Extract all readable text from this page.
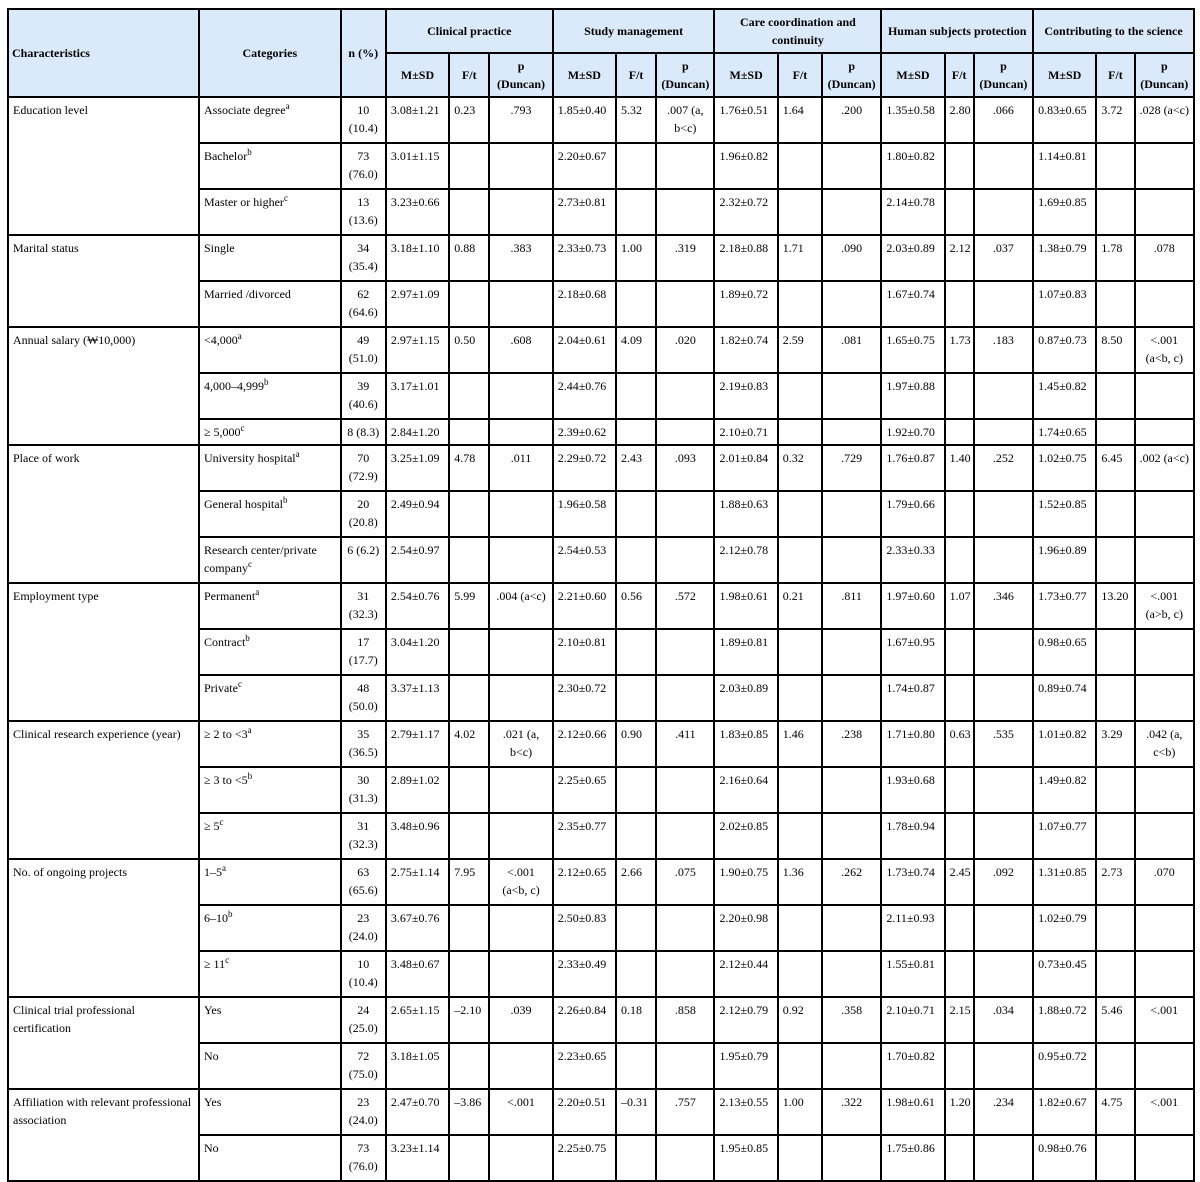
Characteristics	Categories	n (%)	Clinical practice			Study management			Care coordination and continuity			Human subjects protection			Contributing to the science		
			M±SD	F/t	p (Duncan)	M±SD	F/t	p (Duncan)	M±SD	F/t	p (Duncan)	M±SD	F/t	p (Duncan)	M±SD	F/t	p (Duncan)
Education level	Associate degree$^a$	10 (10.4)	3.08±1.21	0.23	.793	1.85±0.40	5.32	.007 (a, b<c)	1.76±0.51	1.64	.200	1.35±0.58	2.80	.066	0.83±0.65	3.72	.028 (a<c)
	Bachelor$^b$	73 (76.0)	3.01±1.15			2.20±0.67			1.96±0.82			1.80±0.82			1.14±0.81		
	Master or higher$^c$	13 (13.6)	3.23±0.66			2.73±0.81			2.32±0.72			2.14±0.78			1.69±0.85		
Marital status	Single	34 (35.4)	3.18±1.10	0.88	.383	2.33±0.73	1.00	.319	2.18±0.88	1.71	.090	2.03±0.89	2.12	.037	1.38±0.79	1.78	.078
	Married /divorced	62 (64.6)	2.97±1.09			2.18±0.68			1.89±0.72			1.67±0.74			1.07±0.83		
Annual salary (₩10,000)	<4,000$^a$	49 (51.0)	2.97±1.15	0.50	.608	2.04±0.61	4.09	.020	1.82±0.74	2.59	.081	1.65±0.75	1.73	.183	0.87±0.73	8.50	<.001 (a<b, c)
	4,000–4,999$^b$	39 (40.6)	3.17±1.01			2.44±0.76			2.19±0.83			1.97±0.88			1.45±0.82		
	≥ 5,000$^c$	8 (8.3)	2.84±1.20			2.39±0.62			2.10±0.71			1.92±0.70			1.74±0.65		
Place of work	University hospital$^a$	70 (72.9)	3.25±1.09	4.78	.011	2.29±0.72	2.43	.093	2.01±0.84	0.32	.729	1.76±0.87	1.40	.252	1.02±0.75	6.45	.002 (a<c)
	General hospital$^b$	20 (20.8)	2.49±0.94			1.96±0.58			1.88±0.63			1.79±0.66			1.52±0.85		
	Research center/private company$^c$	6 (6.2)	2.54±0.97			2.54±0.53			2.12±0.78			2.33±0.33			1.96±0.89		
Employment type	Permanent$^a$	31 (32.3)	2.54±0.76	5.99	.004 (a<c)	2.21±0.60	0.56	.572	1.98±0.61	0.21	.811	1.97±0.60	1.07	.346	1.73±0.77	13.20	<.001 (a>b, c)
	Contract$^b$	17 (17.7)	3.04±1.20			2.10±0.81			1.89±0.81			1.67±0.95			0.98±0.65		
	Private$^c$	48 (50.0)	3.37±1.13			2.30±0.72			2.03±0.89			1.74±0.87			0.89±0.74		
Clinical research experience (year)	≥ 2 to $<3^a$	35 (36.5)	2.79±1.17	4.02	.021 (a, b<c)	2.12±0.66	0.90	.411	1.83±0.85	1.46	.238	1.71±0.80	0.63	.535	1.01±0.82	3.29	.042 (a, c<b)
	≥ 3 to $<5^b$	30 (31.3)	2.89±1.02			2.25±0.65			2.16±0.64			1.93±0.68			1.49±0.82		
	≥ $5^c$	31 (32.3)	3.48±0.96			2.35±0.77			2.02±0.85			1.78±0.94			1.07±0.77		
No. of ongoing projects	1–5$^a$	63 (65.6)	2.75±1.14	7.95	<.001 (a<b, c)	2.12±0.65	2.66	.075	1.90±0.75	1.36	.262	1.73±0.74	2.45	.092	1.31±0.85	2.73	.070
	6–10$^b$	23 (24.0)	3.67±0.76			2.50±0.83			2.20±0.98			2.11±0.93			1.02±0.79		
	≥ $11^c$	10 (10.4)	3.48±0.67			2.33±0.49			2.12±0.44			1.55±0.81			0.73±0.45		
Clinical trial professional certification	Yes	24 (25.0)	2.65±1.15	–2.10	.039	2.26±0.84	0.18	.858	2.12±0.79	0.92	.358	2.10±0.71	2.15	.034	1.88±0.72	5.46	<.001
	No	72 (75.0)	3.18±1.05			2.23±0.65			1.95±0.79			1.70±0.82			0.95±0.72		
Affiliation with relevant professional association	Yes	23 (24.0)	2.47±0.70	–3.86	<.001	2.20±0.51	–0.31	.757	2.13±0.55	1.00	.322	1.98±0.61	1.20	.234	1.82±0.67	4.75	<.001
	No	73 (76.0)	3.23±1.14			2.25±0.75			1.95±0.85			1.75±0.86			0.98±0.76		
